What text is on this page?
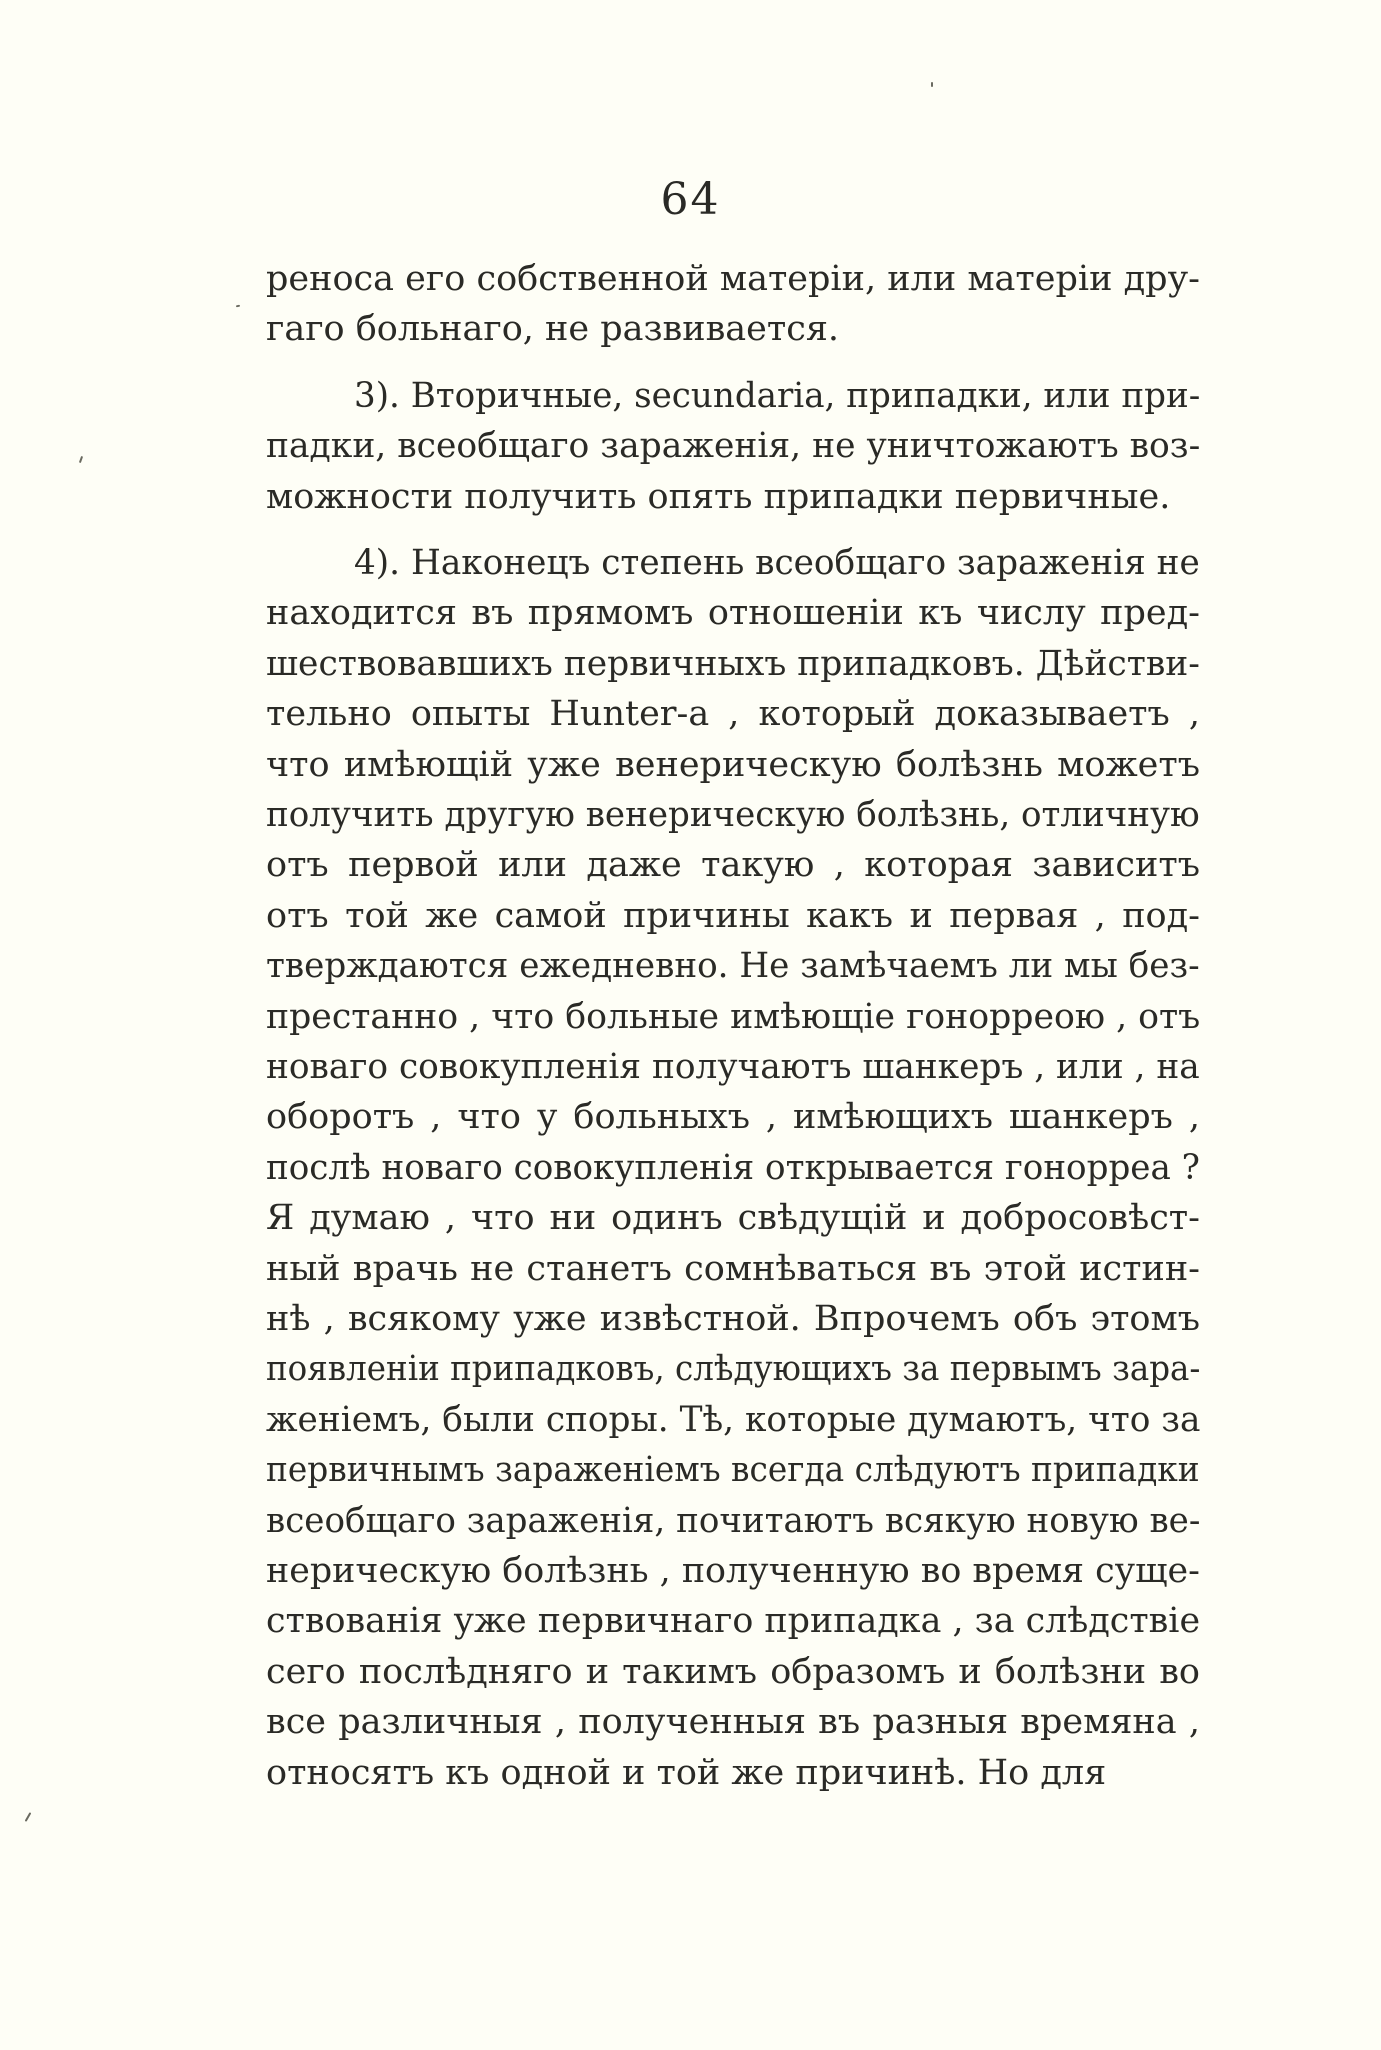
64
реноса его собственной матеріи, или матеріи дру-
гаго больнаго, не развивается.
3). Вторичные, secundaria, припадки, или при-
падки, всеобщаго зараженія, не уничтожаютъ воз-
можности получить опять припадки первичные.
4). Наконецъ степень всеобщаго зараженія не
находится въ прямомъ отношеніи къ числу пред-
шествовавшихъ первичныхъ припадковъ. Дѣйстви-
тельно опыты Hunter-а , который доказываетъ ,
что имѣющій уже венерическую болѣзнь можетъ
получить другую венерическую болѣзнь, отличную
отъ первой или даже такую , которая зависитъ
отъ той же самой причины какъ и первая , под-
тверждаются ежедневно. Не замѣчаемъ ли мы без-
престанно , что больные имѣющіе гонорреою , отъ
новаго совокупленія получаютъ шанкеръ , или , на
оборотъ , что у больныхъ , имѣющихъ шанкеръ ,
послѣ новаго совокупленія открывается гонорреа ?
Я думаю , что ни одинъ свѣдущій и добросовѣст-
ный врачь не станетъ сомнѣваться въ этой истин-
нѣ , всякому уже извѣстной. Впрочемъ объ этомъ
появленіи припадковъ, слѣдующихъ за первымъ зара-
женіемъ, были споры. Тѣ, которые думаютъ, что за
первичнымъ зараженіемъ всегда слѣдуютъ припадки
всеобщаго зараженія, почитаютъ всякую новую ве-
нерическую болѣзнь , полученную во время суще-
ствованія уже первичнаго припадка , за слѣдствіе
сего послѣдняго и такимъ образомъ и болѣзни во
все различныя , полученныя въ разныя времяна ,
относятъ къ одной и той же причинѣ. Но для
